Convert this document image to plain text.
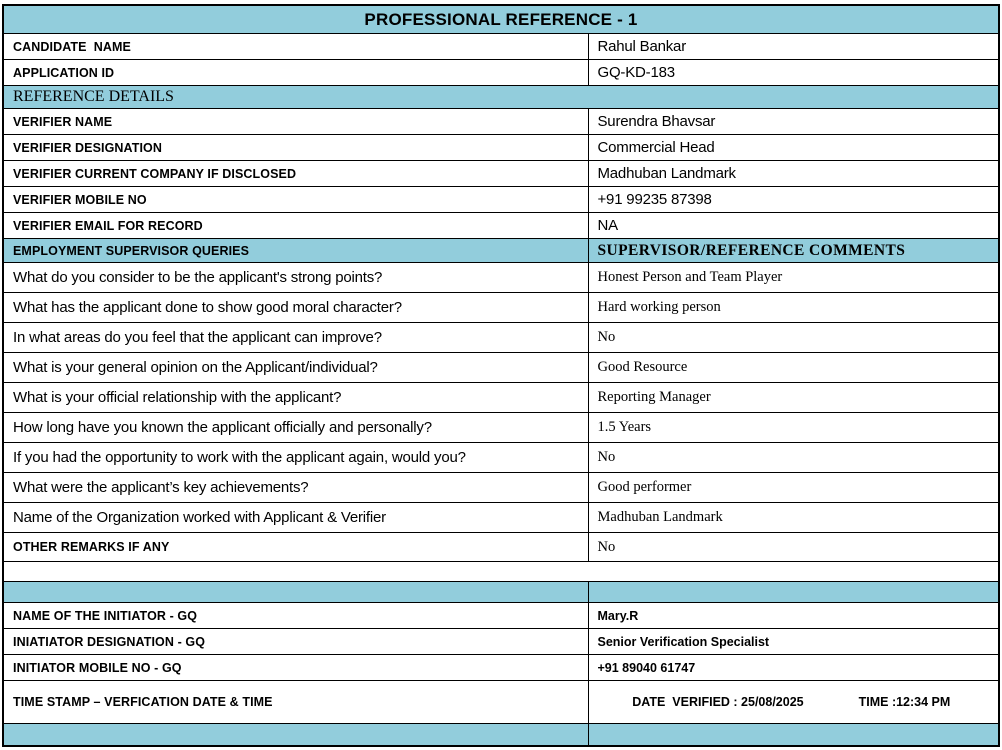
PROFESSIONAL REFERENCE - 1	
CANDIDATE  NAME	Rahul Bankar
APPLICATION ID	GQ-KD-183
REFERENCE DETAILS	
VERIFIER NAME	Surendra Bhavsar
VERIFIER DESIGNATION	Commercial Head
VERIFIER CURRENT COMPANY IF DISCLOSED	Madhuban Landmark
VERIFIER MOBILE NO	+91 99235 87398
VERIFIER EMAIL FOR RECORD	NA
EMPLOYMENT SUPERVISOR QUERIES	SUPERVISOR/REFERENCE COMMENTS
What do you consider to be the applicant's strong points?	Honest Person and Team Player
What has the applicant done to show good moral character?	Hard working person
In what areas do you feel that the applicant can improve?	No
What is your general opinion on the Applicant/individual?	Good Resource
What is your official relationship with the applicant?	Reporting Manager
How long have you known the applicant officially and personally?	1.5 Years
If you had the opportunity to work with the applicant again, would you?	No
What were the applicant’s key achievements?	Good performer
Name of the Organization worked with Applicant & Verifier	Madhuban Landmark
OTHER REMARKS IF ANY	No

NAME OF THE INITIATOR - GQ	Mary.R
INIATIATOR DESIGNATION - GQ	Senior Verification Specialist
INITIATOR MOBILE NO - GQ	+91 89040 61747
TIME STAMP – VERFICATION DATE & TIME	DATE  VERIFIED : 25/08/2025 TIME :12:34 PM
